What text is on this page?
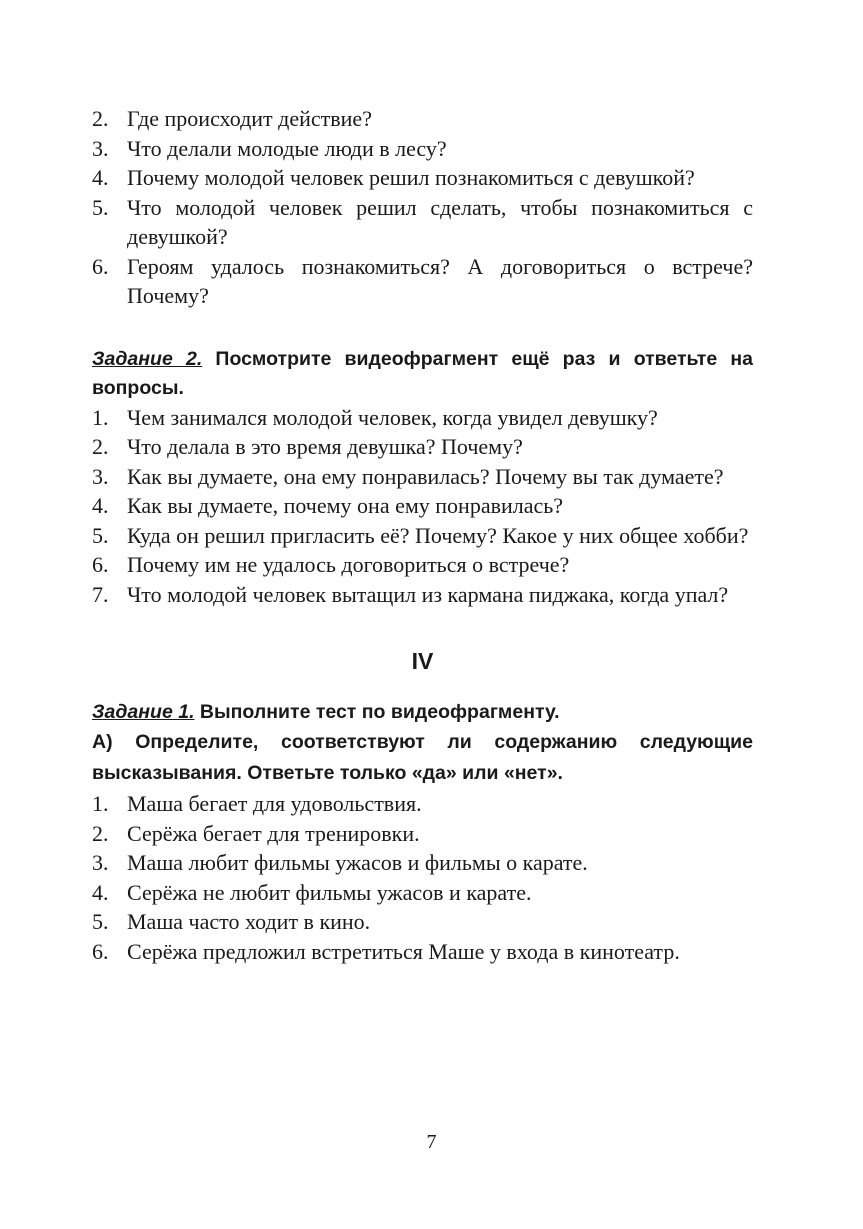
2. Где происходит действие?
3. Что делали молодые люди в лесу?
4. Почему молодой человек решил познакомиться с девушкой?
5. Что молодой человек решил сделать, чтобы познакомиться с девушкой?
6. Героям удалось познакомиться? А договориться о встрече? Почему?
Задание 2. Посмотрите видеофрагмент ещё раз и ответьте на вопросы.
1. Чем занимался молодой человек, когда увидел девушку?
2. Что делала в это время девушка? Почему?
3. Как вы думаете, она ему понравилась? Почему вы так думаете?
4. Как вы думаете, почему она ему понравилась?
5. Куда он решил пригласить её? Почему? Какое у них общее хобби?
6. Почему им не удалось договориться о встрече?
7. Что молодой человек вытащил из кармана пиджака, когда упал?
IV
Задание 1. Выполните тест по видеофрагменту.
А) Определите, соответствуют ли содержанию следующие высказывания. Ответьте только «да» или «нет».
1. Маша бегает для удовольствия.
2. Серёжа бегает для тренировки.
3. Маша любит фильмы ужасов и фильмы о карате.
4. Серёжа не любит фильмы ужасов и карате.
5. Маша часто ходит в кино.
6. Серёжа предложил встретиться Маше у входа в кинотеатр.
7
